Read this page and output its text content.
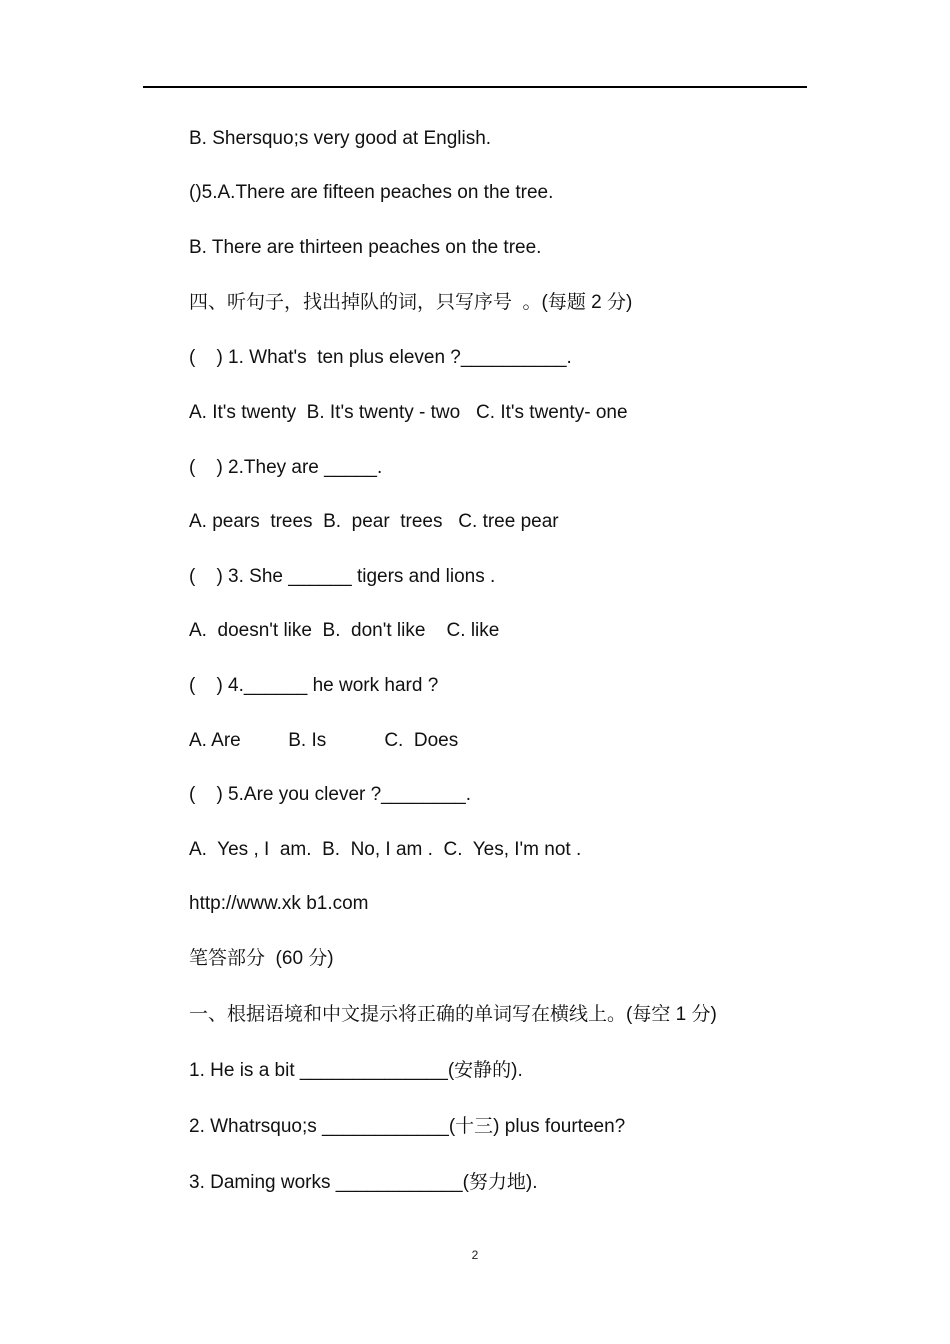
B. Shersquo;s very good at English.
()5.A.There are fifteen peaches on the tree.
B. There are thirteen peaches on the tree.
四、听句子，找出掉队的词，只写序号  。(每题 2 分)
(    ) 1. What's  ten plus eleven ?__________.
A. It's twenty  B. It's twenty - two   C. It's twenty- one
(    ) 2.They are _____.
A. pears  trees  B.  pear  trees   C. tree pear
(    ) 3. She ______ tigers and lions .
A.  doesn't like  B.  don't like    C. like
(    ) 4.______ he work hard ?
A. Are         B. Is           C.  Does
(    ) 5.Are you clever ?________.
A.  Yes , I  am.  B.  No, I am .  C.  Yes, I'm not .
http://www.xk b1.com
笔答部分  (60 分)
一、根据语境和中文提示将正确的单词写在横线上。(每空 1 分)
1. He is a bit ______________(安静的).
2. Whatrsquo;s ____________(十三) plus fourteen?
3. Daming works ____________(努力地).
2
